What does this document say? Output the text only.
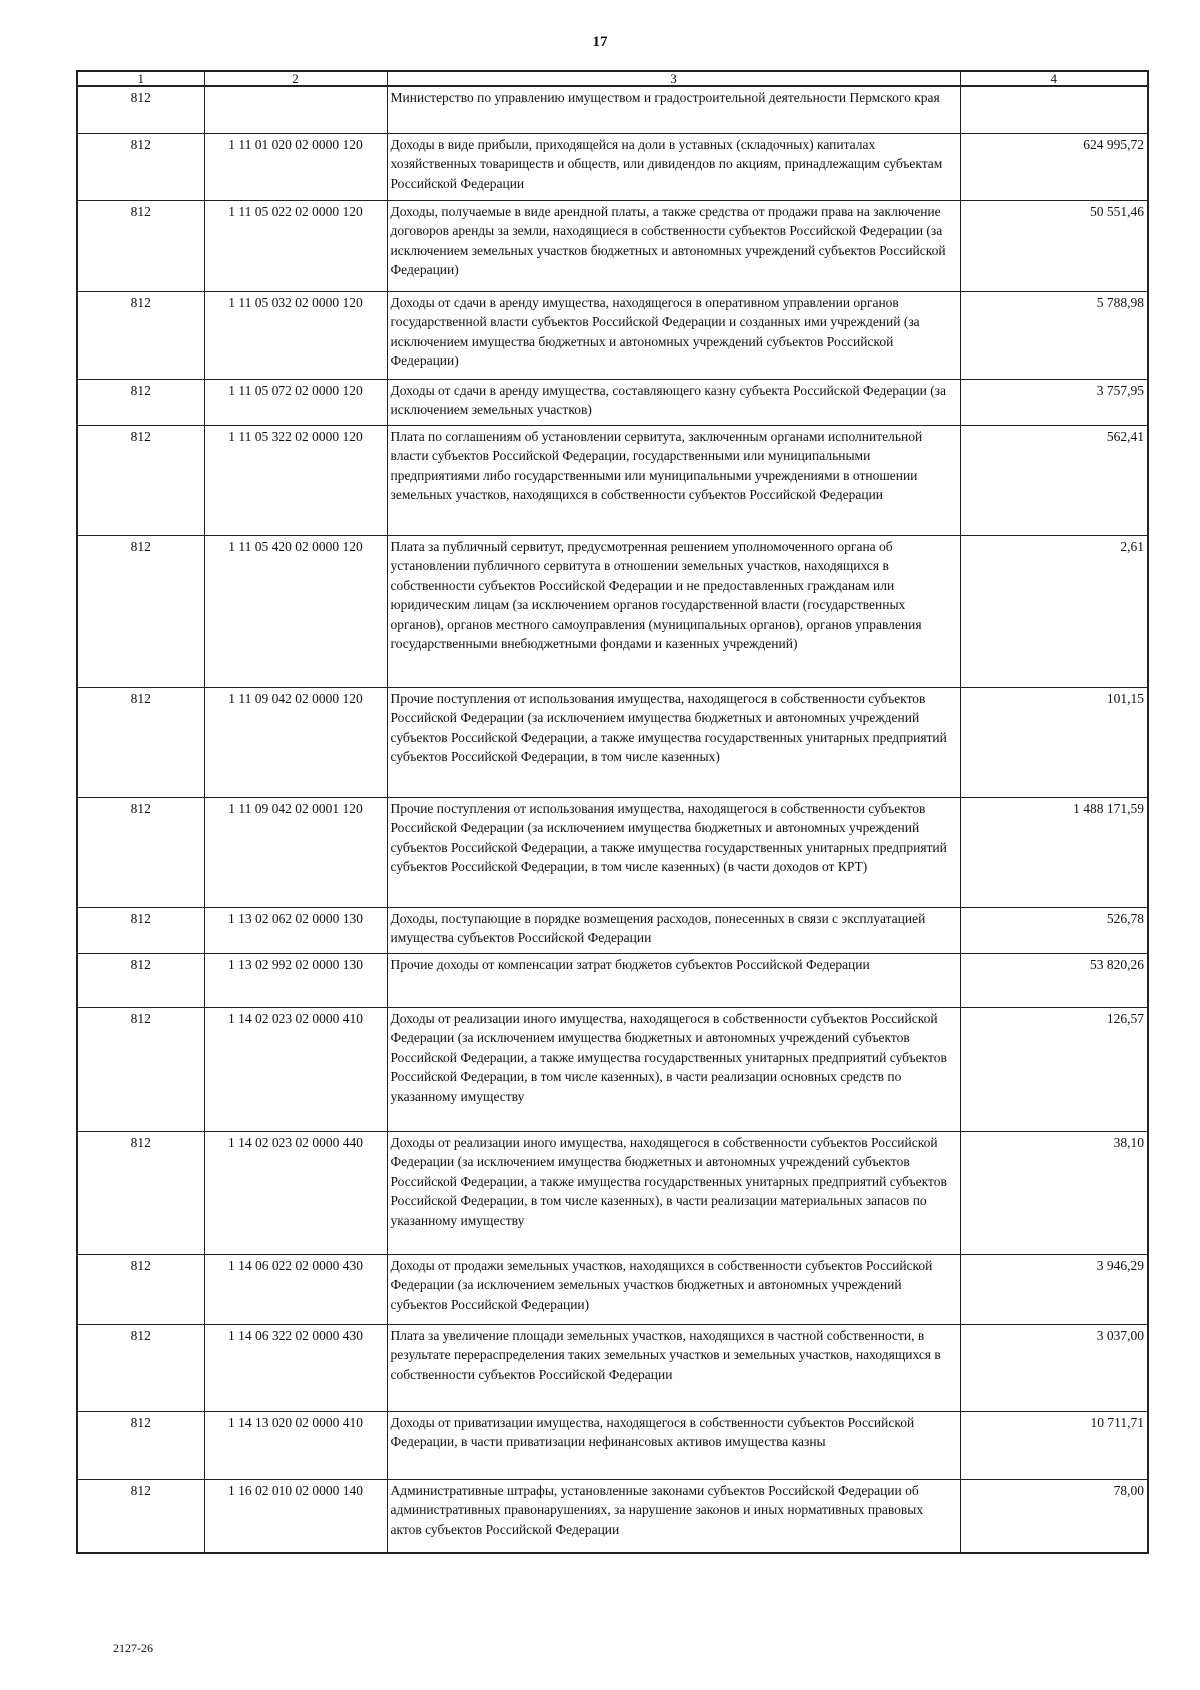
17
1	2	3	4
812		Министерство по управлению имуществом и градостроительной деятельности Пермского края	
812	1 11 01 020 02 0000 120	Доходы в виде прибыли, приходящейся на доли в уставных (складочных) капиталах хозяйственных товариществ и обществ, или дивидендов по акциям, принадлежащим субъектам Российской Федерации	624 995,72
812	1 11 05 022 02 0000 120	Доходы, получаемые в виде арендной платы, а также средства от продажи права на заключение договоров аренды за земли, находящиеся в собственности субъектов Российской Федерации (за исключением земельных участков бюджетных и автономных учреждений субъектов Российской Федерации)	50 551,46
812	1 11 05 032 02 0000 120	Доходы от сдачи в аренду имущества, находящегося в оперативном управлении органов государственной власти субъектов Российской Федерации и созданных ими учреждений (за исключением имущества бюджетных и автономных учреждений субъектов Российской Федерации)	5 788,98
812	1 11 05 072 02 0000 120	Доходы от сдачи в аренду имущества, составляющего казну субъекта Российской Федерации (за исключением земельных участков)	3 757,95
812	1 11 05 322 02 0000 120	Плата по соглашениям об установлении сервитута, заключенным органами исполнительной власти субъектов Российской Федерации, государственными или муниципальными предприятиями либо государственными или муниципальными учреждениями в отношении земельных участков, находящихся в собственности субъектов Российской Федерации	562,41
812	1 11 05 420 02 0000 120	Плата за публичный сервитут, предусмотренная решением уполномоченного органа об установлении публичного сервитута в отношении земельных участков, находящихся в собственности субъектов Российской Федерации и не предоставленных гражданам или юридическим лицам (за исключением органов государственной власти (государственных органов), органов местного самоуправления (муниципальных органов), органов управления государственными внебюджетными фондами и казенных учреждений)	2,61
812	1 11 09 042 02 0000 120	Прочие поступления от использования имущества, находящегося в собственности субъектов Российской Федерации (за исключением имущества бюджетных и автономных учреждений субъектов Российской Федерации, а также имущества государственных унитарных предприятий субъектов Российской Федерации, в том числе казенных)	101,15
812	1 11 09 042 02 0001 120	Прочие поступления от использования имущества, находящегося в собственности субъектов Российской Федерации (за исключением имущества бюджетных и автономных учреждений субъектов Российской Федерации, а также имущества государственных унитарных предприятий субъектов Российской Федерации, в том числе казенных) (в части доходов от КРТ)	1 488 171,59
812	1 13 02 062 02 0000 130	Доходы, поступающие в порядке возмещения расходов, понесенных в связи с эксплуатацией имущества субъектов Российской Федерации	526,78
812	1 13 02 992 02 0000 130	Прочие доходы от компенсации затрат бюджетов субъектов Российской Федерации	53 820,26
812	1 14 02 023 02 0000 410	Доходы от реализации иного имущества, находящегося в собственности субъектов Российской Федерации (за исключением имущества бюджетных и автономных учреждений субъектов Российской Федерации, а также имущества государственных унитарных предприятий субъектов Российской Федерации, в том числе казенных), в части реализации основных средств по указанному имуществу	126,57
812	1 14 02 023 02 0000 440	Доходы от реализации иного имущества, находящегося в собственности субъектов Российской Федерации (за исключением имущества бюджетных и автономных учреждений субъектов Российской Федерации, а также имущества государственных унитарных предприятий субъектов Российской Федерации, в том числе казенных), в части реализации материальных запасов по указанному имуществу	38,10
812	1 14 06 022 02 0000 430	Доходы от продажи земельных участков, находящихся в собственности субъектов Российской Федерации (за исключением земельных участков бюджетных и автономных учреждений субъектов Российской Федерации)	3 946,29
812	1 14 06 322 02 0000 430	Плата за увеличение площади земельных участков, находящихся в частной собственности, в результате перераспределения таких земельных участков и земельных участков, находящихся в собственности субъектов Российской Федерации	3 037,00
812	1 14 13 020 02 0000 410	Доходы от приватизации имущества, находящегося в собственности субъектов Российской Федерации, в части приватизации нефинансовых активов имущества казны	10 711,71
812	1 16 02 010 02 0000 140	Административные штрафы, установленные законами субъектов Российской Федерации об административных правонарушениях, за нарушение законов и иных нормативных правовых актов субъектов Российской Федерации	78,00
2127-26
